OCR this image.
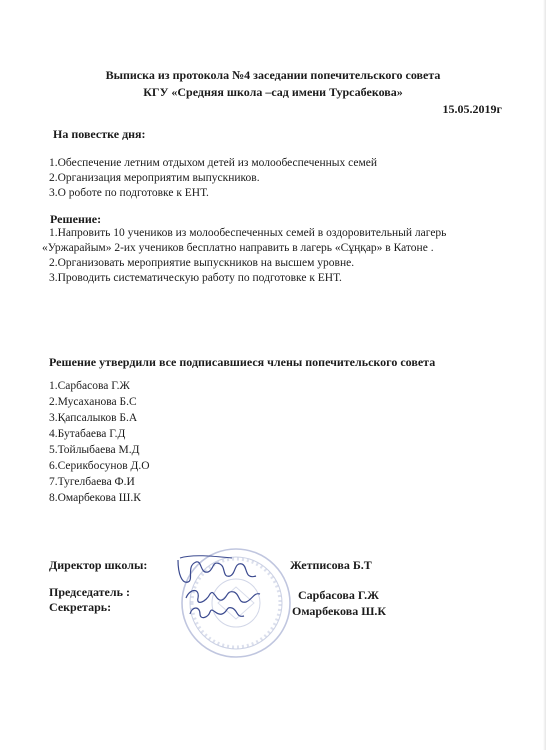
Выписка из протокола №4 заседании попечительского совета
КГУ «Средняя школа –сад имени Турсабекова»
15.05.2019г
На повестке дня:
1.Обеспечение летним отдыхом детей из молообеспеченных семей
2.Организация мероприятим выпускников.
3.О роботе по подготовке к ЕНТ.
Решение:
1.Напровить 10 учеников из молообеспеченных семей в оздоровительный лагерь
«Уржарайым» 2-их учеников бесплатно направить в лагерь «Сұңқар» в Катоне .
2.Организовать мероприятие выпускников на высшем уровне.
3.Проводить систематическую работу по подготовке к ЕНТ.
Решение утвердили все подписавшиеся члены попечительского совета
1.Сарбасова Г.Ж
2.Мусаханова Б.С
3.Қапсалыков Б.А
4.Бутабаева Г.Д
5.Тойлыбаева М.Д
6.Серикбосунов Д.О
7.Тугелбаева Ф.И
8.Омарбекова Ш.К
Директор школы:	Жетписова Б.Т
Председатель :	Сарбасова Г.Ж
Секретарь:	Омарбекова Ш.К
